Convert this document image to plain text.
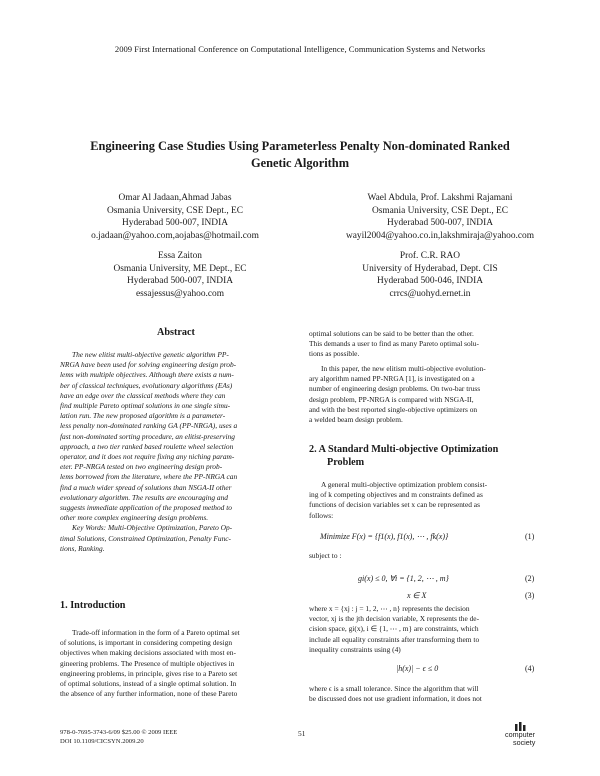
2009 First International Conference on Computational Intelligence, Communication Systems and Networks
Engineering Case Studies Using Parameterless Penalty Non-dominated Ranked
Genetic Algorithm
Omar Al Jadaan,Ahmad Jabas
Osmania University, CSE Dept., EC
Hyderabad 500-007, INDIA
o.jadaan@yahoo.com,aojabas@hotmail.com
Wael Abdula, Prof. Lakshmi Rajamani
Osmania University, CSE Dept., EC
Hyderabad 500-007, INDIA
wayil2004@yahoo.co.in,lakshmiraja@yahoo.com
Essa Zaiton
Osmania University, ME Dept., EC
Hyderabad 500-007, INDIA
essajessus@yahoo.com
Prof. C.R. RAO
University of Hyderabad, Dept. CIS
Hyderabad 500-046, INDIA
crrcs@uohyd.ernet.in
Abstract
The new elitist multi-objective genetic algorithm PP-
NRGA have been used for solving engineering design prob-
lems with multiple objectives. Although there exists a num-
ber of classical techniques, evolutionary algorithms (EAs)
have an edge over the classical methods where they can
find multiple Pareto optimal solutions in one single simu-
lation run. The new proposed algorithm is a parameter-
less penalty non-dominated ranking GA (PP-NRGA), uses a
fast non-dominated sorting procedure, an elitist-preserving
approach, a two tier ranked based roulette wheel selection
operator, and it does not require fixing any niching param-
eter. PP-NRGA tested on two engineering design prob-
lems borrowed from the literature, where the PP-NRGA can
find a much wider spread of solutions than NSGA-II other
evolutionary algorithm. The results are encouraging and
suggests immediate application of the proposed method to
other more complex engineering design problems.
Key Words: Multi-Objective Optimization, Pareto Op-
timal Solutions, Constrained Optimization, Penalty Func-
tions, Ranking.
1. Introduction
Trade-off information in the form of a Pareto optimal set
of solutions, is important in considering competing design
objectives when making decisions associated with most en-
gineering problems. The Presence of multiple objectives in
engineering problems, in principle, gives rise to a Pareto set
of optimal solutions, instead of a single optimal solution. In
the absence of any further information, none of these Pareto
optimal solutions can be said to be better than the other.
This demands a user to find as many Pareto optimal solu-
tions as possible.
In this paper, the new elitism multi-objective evolution-
ary algorithm named PP-NRGA [1], is investigated on a
number of engineering design problems. On two-bar truss
design problem, PP-NRGA is compared with NSGA-II,
and with the best reported single-objective optimizers on
a welded beam design problem.
2. A Standard Multi-objective Optimization
Problem
A general multi-objective optimization problem consist-
ing of k competing objectives and m constraints defined as
functions of decision variables set x can be represented as
follows:
Minimize F(x) = {f1(x), f1(x), ⋯ , fk(x)}	(1)
subject to :
gi(x) ≤ 0, ∀i = {1, 2, ⋯ , m}	(2)
x ∈ X	(3)
where x = {xj : j = 1, 2, ⋯ , n} represents the decision
vector, xj is the jth decision variable, X represents the de-
cision space, gi(x), i ∈ {1, ⋯ , m} are constraints, which
include all equality constraints after transforming them to
inequality constraints using (4)
|h(x)| − ϵ ≤ 0	(4)
where ϵ is a small tolerance. Since the algorithm that will
be discussed does not use gradient information, it does not
978-0-7695-3743-6/09 $25.00 © 2009 IEEE
DOI 10.1109/CICSYN.2009.20
51	computer
society
